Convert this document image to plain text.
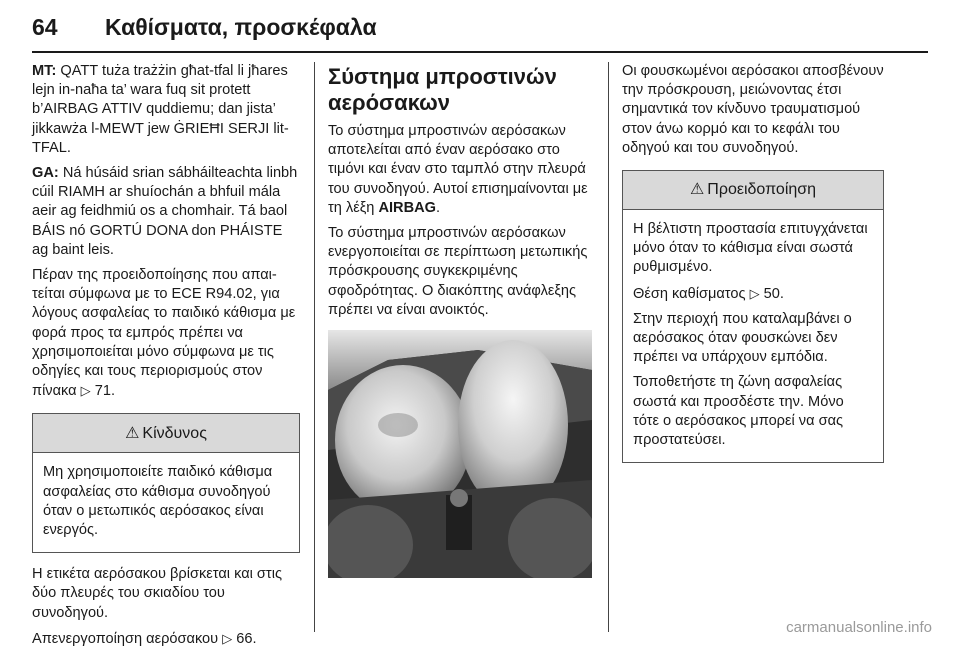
64 Καθίσματα, προσκέφαλα

MT: QATT tuża trażżin għat-tfal li jħares lejn in-naħa ta’ wara fuq sit protett b’AIRBAG ATTIV quddiemu; dan jista’ jikkawża l-MEWT jew ĠRIEĦI SERJI lit-TFAL.

GA: Ná húsáid srian sábháilteachta linbh cúil RIAMH ar shuíochán a bhfuil mála aeir ag feidhmiú os a chomhair. Tá baol BÁIS nó GORTÚ DONA don PHÁISTE ag baint leis.

Πέραν της προειδοποίησης που απαιτείται σύμφωνα με το ECE R94.02, για λόγους ασφαλείας το παιδικό κάθισμα με φορά προς τα εμπρός πρέπει να χρησιμοποιείται μόνο σύμφωνα με τις οδηγίες και τους περιορισμούς στον πίνακα ▷ 71.

⚠ Κίνδυνος

Μη χρησιμοποιείτε παιδικό κάθισμα ασφαλείας στο κάθισμα συνοδηγού όταν ο μετωπικός αερόσακος είναι ενεργός.

Η ετικέτα αερόσακου βρίσκεται και στις δύο πλευρές του σκιαδίου του συνοδηγού.

Απενεργοποίηση αερόσακου ▷ 66.

Σύστημα μπροστινών αερόσακων

Το σύστημα μπροστινών αερόσακων αποτελείται από έναν αερόσακο στο τιμόνι και έναν στο ταμπλό στην πλευρά του συνοδηγού. Αυτοί επισημαίνονται με τη λέξη AIRBAG.

Το σύστημα μπροστινών αερόσακων ενεργοποιείται σε περίπτωση μετωπικής πρόσκρουσης συγκεκριμένης σφοδρότητας. Ο διακόπτης ανάφλεξης πρέπει να είναι ανοικτός.

Οι φουσκωμένοι αερόσακοι αποσβένουν την πρόσκρουση, μειώνοντας έτσι σημαντικά τον κίνδυνο τραυματισμού στον άνω κορμό και το κεφάλι του οδηγού και του συνοδηγού.

⚠ Προειδοποίηση

Η βέλτιστη προστασία επιτυγχάνεται μόνο όταν το κάθισμα είναι σωστά ρυθμισμένο.

Θέση καθίσματος ▷ 50.

Στην περιοχή που καταλαμβάνει ο αερόσακος όταν φουσκώνει δεν πρέπει να υπάρχουν εμπόδια.

Τοποθετήστε τη ζώνη ασφαλείας σωστά και προσδέστε την. Μόνο τότε ο αερόσακος μπορεί να σας προστατεύσει.

carmanualsonline.info
